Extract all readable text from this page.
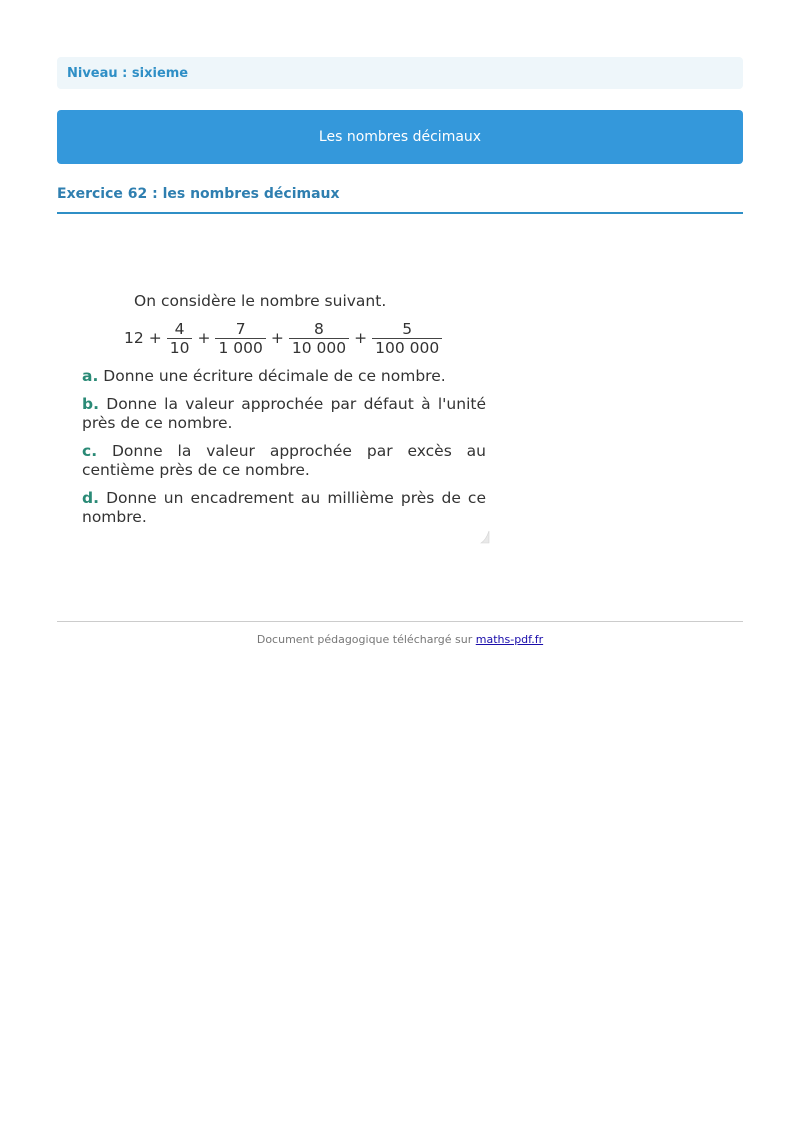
Niveau : sixieme
Les nombres décimaux
Exercice 62 : les nombres décimaux
On considère le nombre suivant.
$12 + \frac{4}{10} + \frac{7}{1 000} + \frac{8}{10 000} + \frac{5}{100 000}$
a. Donne une écriture décimale de ce nombre.
b. Donne la valeur approchée par défaut à l'unité près de ce nombre.
c. Donne la valeur approchée par excès au centième près de ce nombre.
d. Donne un encadrement au millième près de ce nombre.
Document pédagogique téléchargé sur maths-pdf.fr
